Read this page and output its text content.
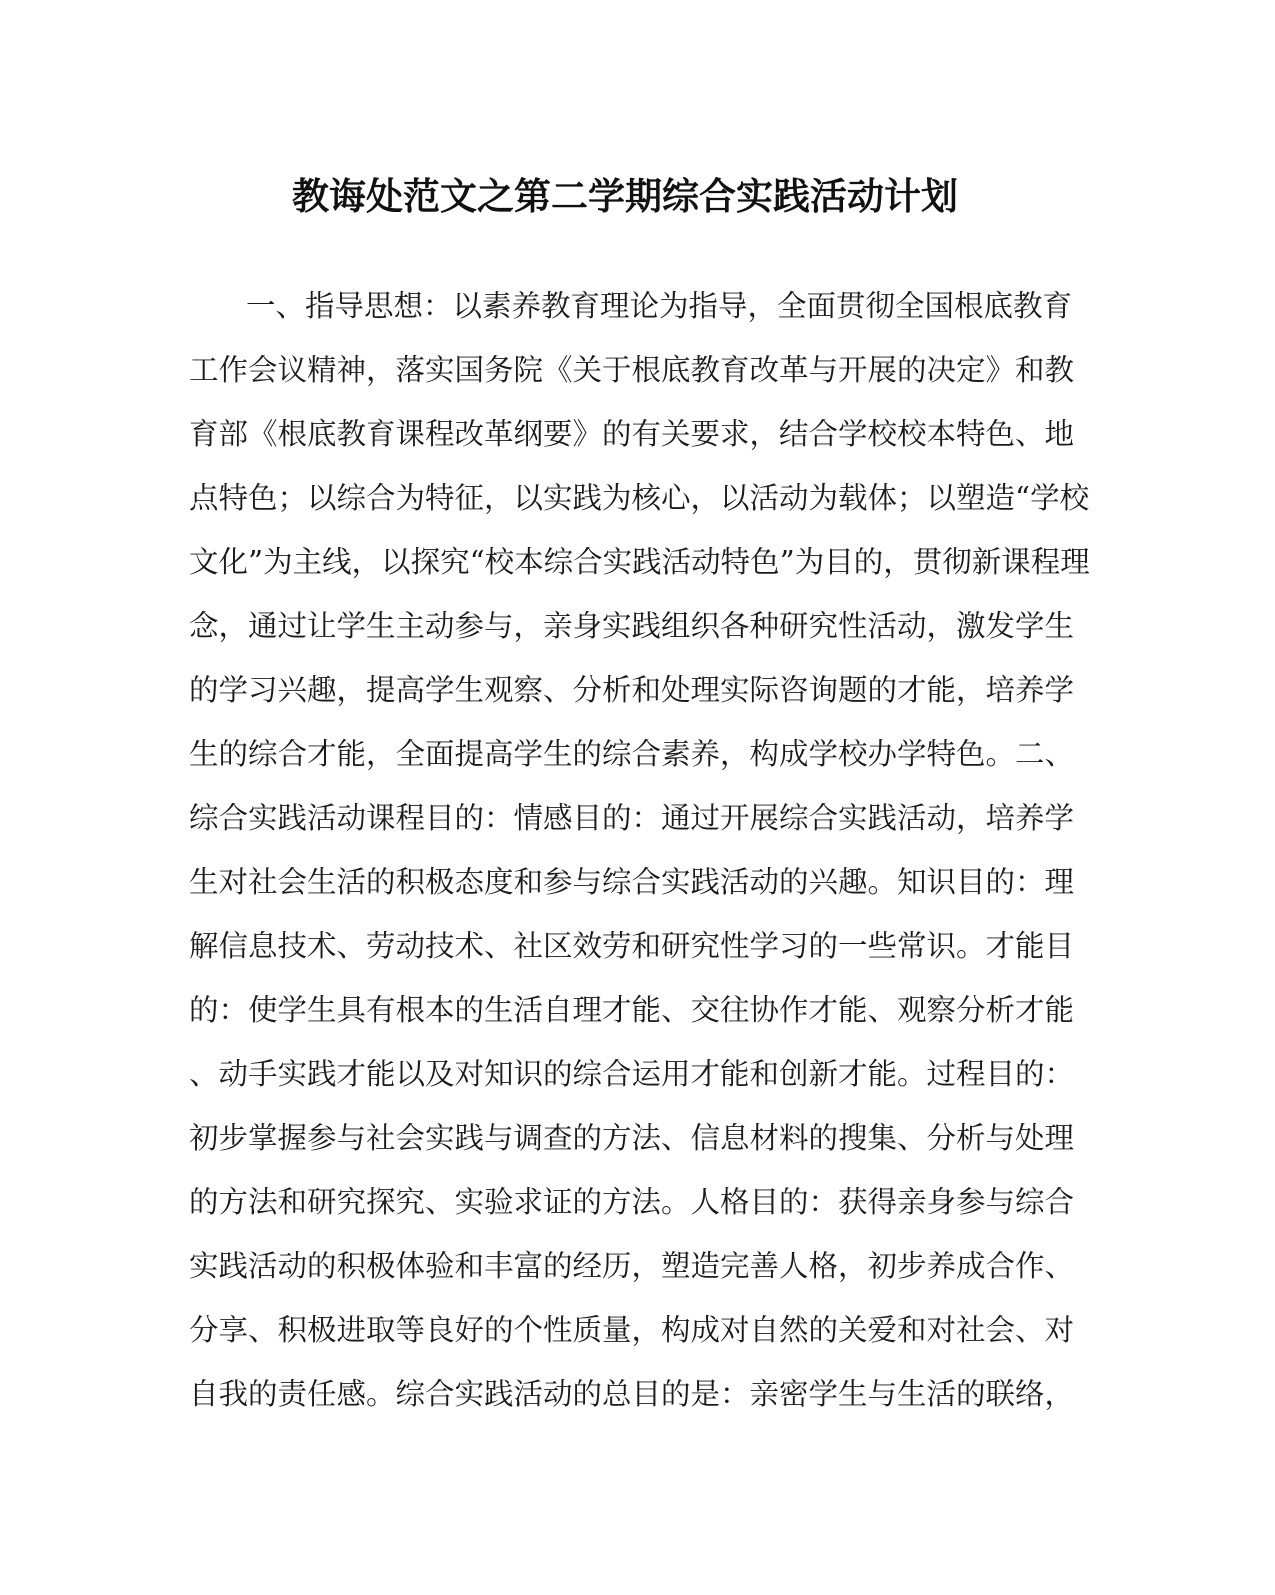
教诲处范文之第二学期综合实践活动计划

一、指导思想：以素养教育理论为指导，全面贯彻全国根底教育

工作会议精神，落实国务院《关于根底教育改革与开展的决定》和教

育部《根底教育课程改革纲要》的有关要求，结合学校校本特色、地

点特色；以综合为特征，以实践为核心，以活动为载体；以塑造“学校

文化”为主线，以探究“校本综合实践活动特色”为目的，贯彻新课程理

念，通过让学生主动参与，亲身实践组织各种研究性活动，激发学生

的学习兴趣，提高学生观察、分析和处理实际咨询题的才能，培养学

生的综合才能，全面提高学生的综合素养，构成学校办学特色。二、

综合实践活动课程目的：情感目的：通过开展综合实践活动，培养学

生对社会生活的积极态度和参与综合实践活动的兴趣。知识目的：理

解信息技术、劳动技术、社区效劳和研究性学习的一些常识。才能目

的：使学生具有根本的生活自理才能、交往协作才能、观察分析才能

、动手实践才能以及对知识的综合运用才能和创新才能。过程目的：

初步掌握参与社会实践与调查的方法、信息材料的搜集、分析与处理

的方法和研究探究、实验求证的方法。人格目的：获得亲身参与综合

实践活动的积极体验和丰富的经历，塑造完善人格，初步养成合作、

分享、积极进取等良好的个性质量，构成对自然的关爱和对社会、对

自我的责任感。综合实践活动的总目的是：亲密学生与生活的联络，
